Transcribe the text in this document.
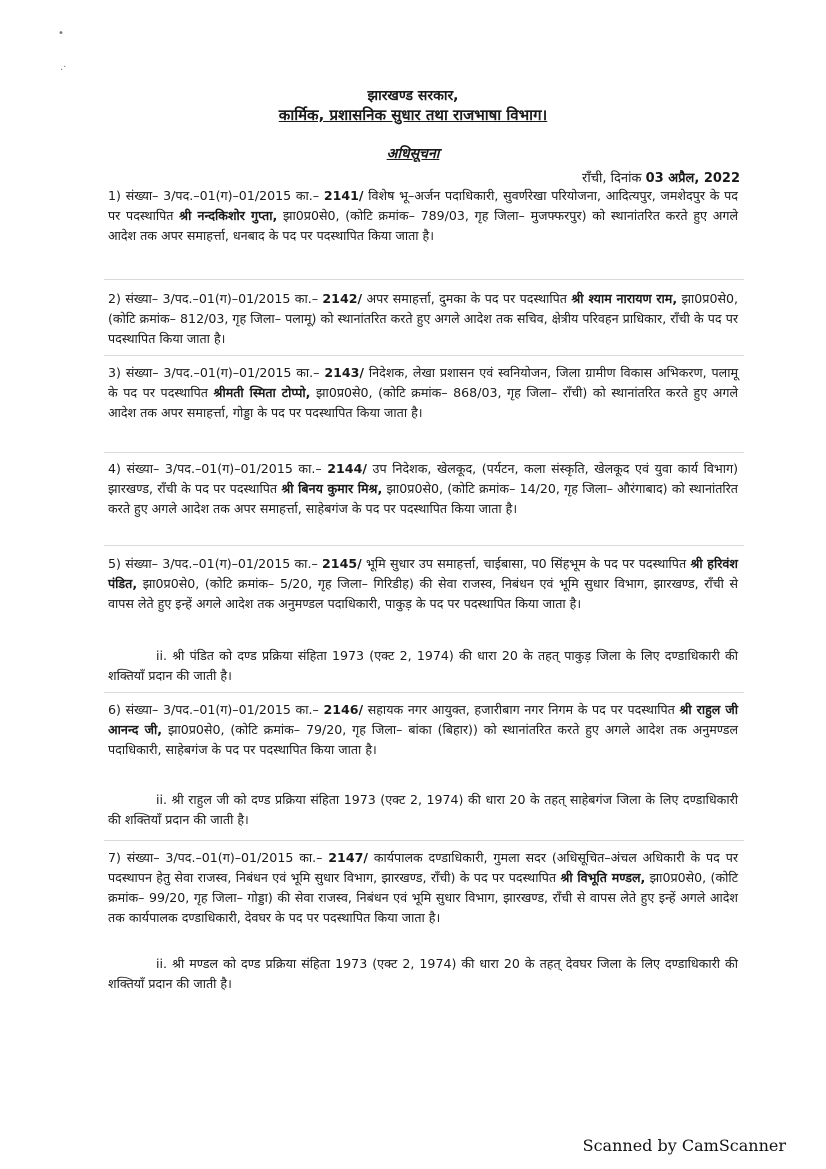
•
.·
झारखण्ड सरकार,
कार्मिक, प्रशासनिक सुधार तथा राजभाषा विभाग।
अधिसूचना
राँची, दिनांक 03 अप्रैल, 2022

1) संख्या– 3/पद.–01(ग)–01/2015 का.– 2141/ विशेष भू–अर्जन पदाधिकारी, सुवर्णरेखा परियोजना, आदित्यपुर, जमशेदपुर के पद पर पदस्थापित श्री नन्दकिशोर गुप्ता, झा0प्र0से0, (कोटि क्रमांक– 789/03, गृह जिला– मुजफ्फरपुर) को स्थानांतरित करते हुए अगले आदेश तक अपर समाहर्त्ता, धनबाद के पद पर पदस्थापित किया जाता है।

2) संख्या– 3/पद.–01(ग)–01/2015 का.– 2142/ अपर समाहर्त्ता, दुमका के पद पर पदस्थापित श्री श्याम नारायण राम, झा0प्र0से0, (कोटि क्रमांक– 812/03, गृह जिला– पलामू) को स्थानांतरित करते हुए अगले आदेश तक सचिव, क्षेत्रीय परिवहन प्राधिकार, राँची के पद पर पदस्थापित किया जाता है।

3) संख्या– 3/पद.–01(ग)–01/2015 का.– 2143/ निदेशक, लेखा प्रशासन एवं स्वनियोजन, जिला ग्रामीण विकास अभिकरण, पलामू के पद पर पदस्थापित श्रीमती स्मिता टोप्पो, झा0प्र0से0, (कोटि क्रमांक– 868/03, गृह जिला– राँची) को स्थानांतरित करते हुए अगले आदेश तक अपर समाहर्त्ता, गोड्डा के पद पर पदस्थापित किया जाता है।

4) संख्या– 3/पद.–01(ग)–01/2015 का.– 2144/ उप निदेशक, खेलकूद, (पर्यटन, कला संस्कृति, खेलकूद एवं युवा कार्य विभाग) झारखण्ड, राँची के पद पर पदस्थापित श्री बिनय कुमार मिश्र, झा0प्र0से0, (कोटि क्रमांक– 14/20, गृह जिला– औरंगाबाद) को स्थानांतरित करते हुए अगले आदेश तक अपर समाहर्त्ता, साहेबगंज के पद पर पदस्थापित किया जाता है।

5) संख्या– 3/पद.–01(ग)–01/2015 का.– 2145/ भूमि सुधार उप समाहर्त्ता, चाईबासा, प0 सिंहभूम के पद पर पदस्थापित श्री हरिवंश पंडित, झा0प्र0से0, (कोटि क्रमांक– 5/20, गृह जिला– गिरिडीह) की सेवा राजस्व, निबंधन एवं भूमि सुधार विभाग, झारखण्ड, राँची से वापस लेते हुए इन्हें अगले आदेश तक अनुमण्डल पदाधिकारी, पाकुड़ के पद पर पदस्थापित किया जाता है।

ii. श्री पंडित को दण्ड प्रक्रिया संहिता 1973 (एक्ट 2, 1974) की धारा 20 के तहत् पाकुड़ जिला के लिए दण्डाधिकारी की शक्तियाँ प्रदान की जाती है।

6) संख्या– 3/पद.–01(ग)–01/2015 का.– 2146/ सहायक नगर आयुक्त, हजारीबाग नगर निगम के पद पर पदस्थापित श्री राहुल जी आनन्द जी, झा0प्र0से0, (कोटि क्रमांक– 79/20, गृह जिला– बांका (बिहार)) को स्थानांतरित करते हुए अगले आदेश तक अनुमण्डल पदाधिकारी, साहेबगंज के पद पर पदस्थापित किया जाता है।

ii. श्री राहुल जी को दण्ड प्रक्रिया संहिता 1973 (एक्ट 2, 1974) की धारा 20 के तहत् साहेबगंज जिला के लिए दण्डाधिकारी की शक्तियाँ प्रदान की जाती है।

7) संख्या– 3/पद.–01(ग)–01/2015 का.– 2147/ कार्यपालक दण्डाधिकारी, गुमला सदर (अधिसूचित–अंचल अधिकारी के पद पर पदस्थापन हेतु सेवा राजस्व, निबंधन एवं भूमि सुधार विभाग, झारखण्ड, राँची) के पद पर पदस्थापित श्री विभूति मण्डल, झा0प्र0से0, (कोटि क्रमांक– 99/20, गृह जिला– गोड्डा) की सेवा राजस्व, निबंधन एवं भूमि सुधार विभाग, झारखण्ड, राँची से वापस लेते हुए इन्हें अगले आदेश तक कार्यपालक दण्डाधिकारी, देवघर के पद पर पदस्थापित किया जाता है।

ii. श्री मण्डल को दण्ड प्रक्रिया संहिता 1973 (एक्ट 2, 1974) की धारा 20 के तहत् देवघर जिला के लिए दण्डाधिकारी की शक्तियाँ प्रदान की जाती है।

Scanned by CamScanner
